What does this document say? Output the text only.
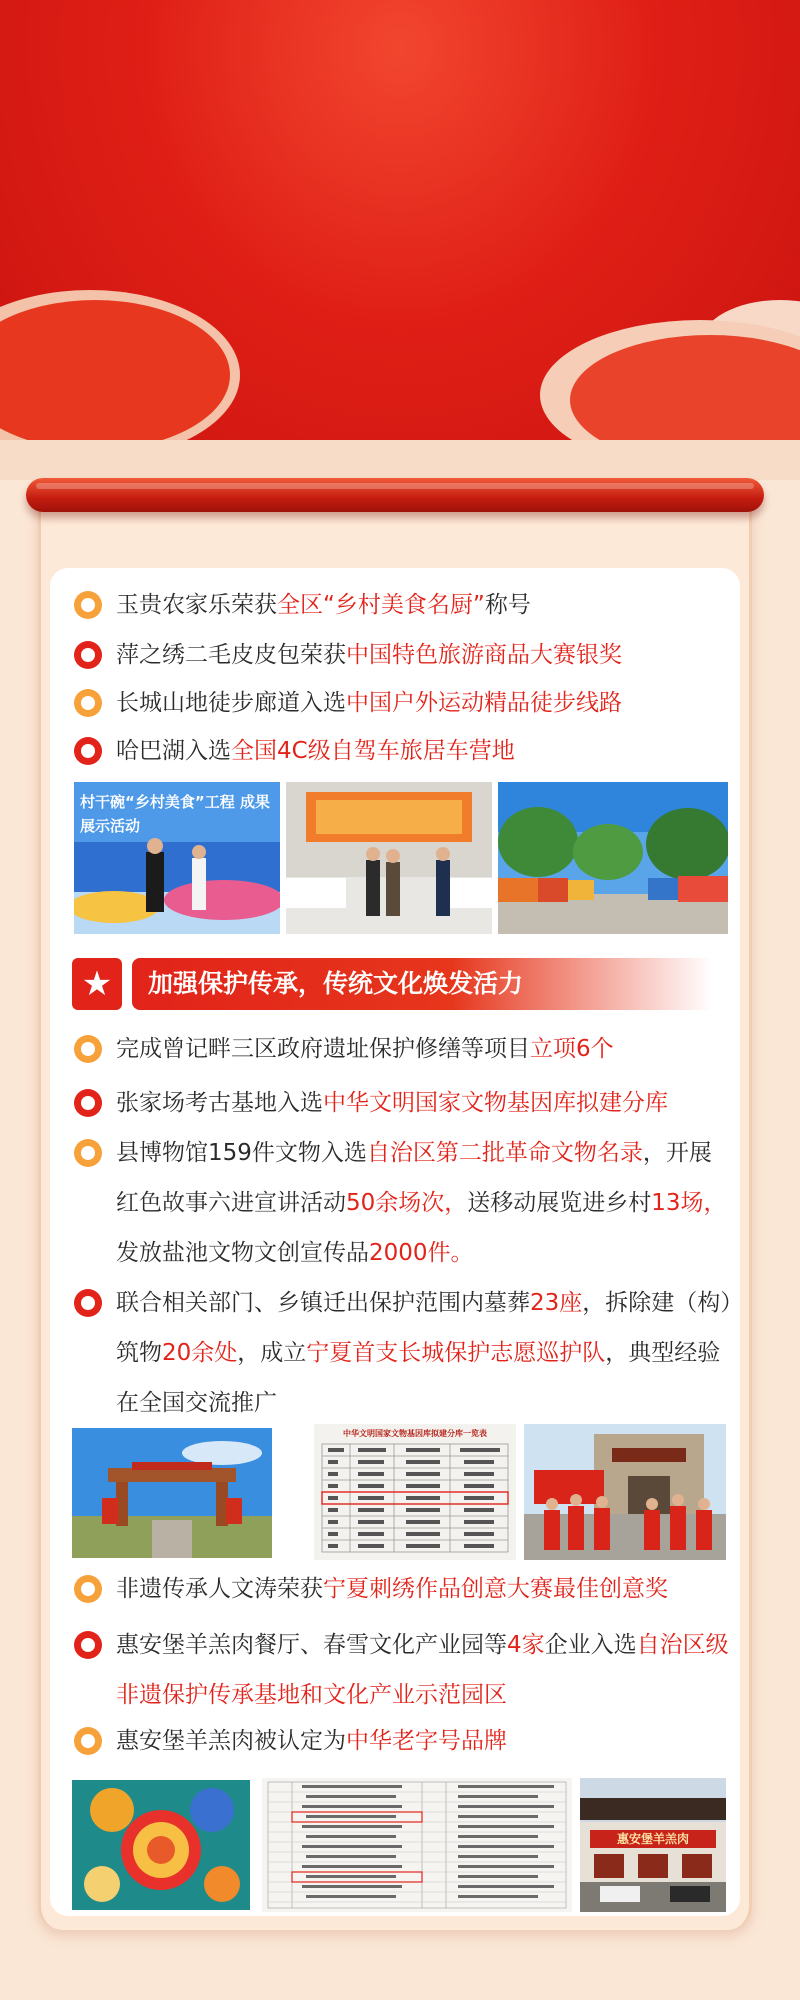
玉贵农家乐荣获全区“乡村美食名厨”称号
萍之绣二毛皮皮包荣获中国特色旅游商品大赛银奖
长城山地徒步廊道入选中国户外运动精品徒步线路
哈巴湖入选全国4C级自驾车旅居车营地
村干碗“乡村美食”工程 成果展示活动
★	加强保护传承，传统文化焕发活力
完成曾记畔三区政府遗址保护修缮等项目立项6个
张家场考古基地入选中华文明国家文物基因库拟建分库
县博物馆159件文物入选自治区第二批革命文物名录，开展红色故事六进宣讲活动50余场次，送移动展览进乡村13场，发放盐池文物文创宣传品2000件。
联合相关部门、乡镇迁出保护范围内墓葬23座，拆除建（构）筑物20余处，成立宁夏首支长城保护志愿巡护队，典型经验在全国交流推广
中华文明国家文物基因库拟建分库一览表
非遗传承人文涛荣获宁夏刺绣作品创意大赛最佳创意奖
惠安堡羊羔肉餐厅、春雪文化产业园等4家企业入选自治区级非遗保护传承基地和文化产业示范园区
惠安堡羊羔肉被认定为中华老字号品牌
惠安堡羊羔肉
